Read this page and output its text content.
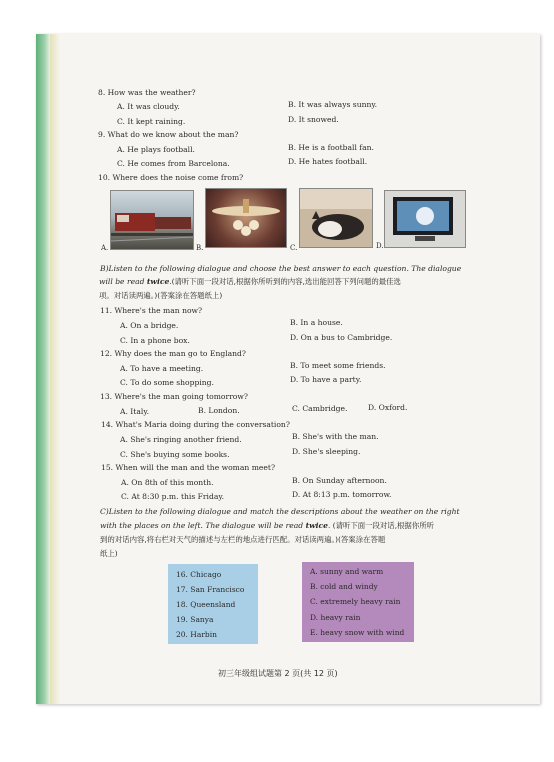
8. How was the weather?
A. It was cloudy.	B. It was always sunny.
C. It kept raining.	D. It snowed.
9. What do we know about the man?
A. He plays football.	B. He is a football fan.
C. He comes from Barcelona.	D. He hates football.
10. Where does the noise come from?
A.	B.	C.	D.
B)Listen to the following dialogue and choose the best answer to each question. The dialogue
will be read twice.(请听下面一段对话,根据你所听到的内容,选出能回答下列问题的最佳选
项。对话读两遍。)(答案涂在答题纸上)
11. Where's the man now?
A. On a bridge.	B. In a house.
C. In a phone box.	D. On a bus to Cambridge.
12. Why does the man go to England?
A. To have a meeting.	B. To meet some friends.
C. To do some shopping.	D. To have a party.
13. Where's the man going tomorrow?
A. Italy.	B. London.	C. Cambridge.	D. Oxford.
14. What's Maria doing during the conversation?
A. She's ringing another friend.	B. She's with the man.
C. She's buying some books.	D. She's sleeping.
15. When will the man and the woman meet?
A. On 8th of this month.	B. On Sunday afternoon.
C. At 8:30 p.m. this Friday.	D. At 8:13 p.m. tomorrow.
C)Listen to the following dialogue and match the descriptions about the weather on the right
with the places on the left. The dialogue will be read twice. (请听下面一段对话,根据你所听
到的对话内容,将右栏对天气的描述与左栏的地点进行匹配。对话读两遍。)(答案涂在答题
纸上)
16. Chicago
17. San Francisco
18. Queensland
19. Sanya
20. Harbin
A. sunny and warm
B. cold and windy
C. extremely heavy rain
D. heavy rain
E. heavy snow with wind
初三年级组试题第 2 页(共 12 页)
